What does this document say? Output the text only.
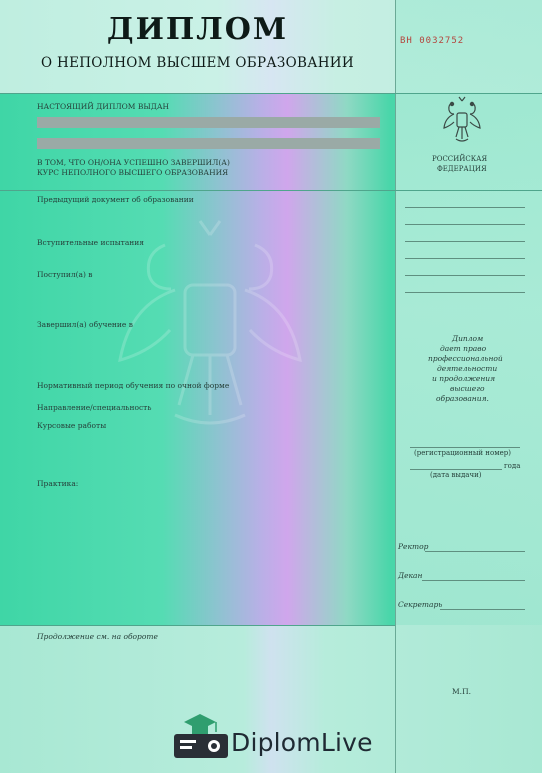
ДИПЛОМ
О НЕПОЛНОМ ВЫСШЕМ ОБРАЗОВАНИИ
ВН 0032752
НАСТОЯЩИЙ ДИПЛОМ ВЫДАН
В ТОМ, ЧТО ОН/ОНА УСПЕШНО ЗАВЕРШИЛ(А)
КУРС НЕПОЛНОГО ВЫСШЕГО ОБРАЗОВАНИЯ
РОССИЙСКАЯ
ФЕДЕРАЦИЯ
Предыдущий документ об образовании
Вступительные испытания
Поступил(а) в
Завершил(а) обучение в
Нормативный период обучения по очной форме
Направление/специальность
Курсовые работы
Практика:
Диплом
дает право
профессиональной
деятельности
и продолжения
высшего
образования.
(регистрационный номер)
года
(дата выдачи)
Ректор
Декан
Секретарь
М.П.
Продолжение см. на обороте
DiplomLive
